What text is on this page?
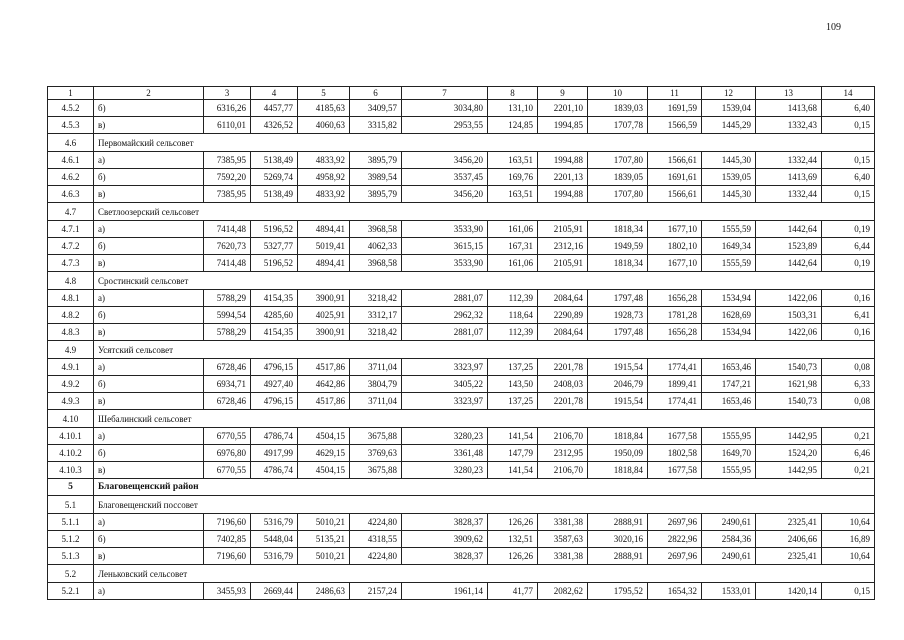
109
1	2	3	4	5	6	7	8	9	10	11	12	13	14
4.5.2	б)	6316,26	4457,77	4185,63	3409,57	3034,80	131,10	2201,10	1839,03	1691,59	1539,04	1413,68	6,40
4.5.3	в)	6110,01	4326,52	4060,63	3315,82	2953,55	124,85	1994,85	1707,78	1566,59	1445,29	1332,43	0,15
4.6	Первомайский сельсовет												
4.6.1	а)	7385,95	5138,49	4833,92	3895,79	3456,20	163,51	1994,88	1707,80	1566,61	1445,30	1332,44	0,15
4.6.2	б)	7592,20	5269,74	4958,92	3989,54	3537,45	169,76	2201,13	1839,05	1691,61	1539,05	1413,69	6,40
4.6.3	в)	7385,95	5138,49	4833,92	3895,79	3456,20	163,51	1994,88	1707,80	1566,61	1445,30	1332,44	0,15
4.7	Светлоозерский сельсовет												
4.7.1	а)	7414,48	5196,52	4894,41	3968,58	3533,90	161,06	2105,91	1818,34	1677,10	1555,59	1442,64	0,19
4.7.2	б)	7620,73	5327,77	5019,41	4062,33	3615,15	167,31	2312,16	1949,59	1802,10	1649,34	1523,89	6,44
4.7.3	в)	7414,48	5196,52	4894,41	3968,58	3533,90	161,06	2105,91	1818,34	1677,10	1555,59	1442,64	0,19
4.8	Сростинский сельсовет												
4.8.1	а)	5788,29	4154,35	3900,91	3218,42	2881,07	112,39	2084,64	1797,48	1656,28	1534,94	1422,06	0,16
4.8.2	б)	5994,54	4285,60	4025,91	3312,17	2962,32	118,64	2290,89	1928,73	1781,28	1628,69	1503,31	6,41
4.8.3	в)	5788,29	4154,35	3900,91	3218,42	2881,07	112,39	2084,64	1797,48	1656,28	1534,94	1422,06	0,16
4.9	Усятский сельсовет												
4.9.1	а)	6728,46	4796,15	4517,86	3711,04	3323,97	137,25	2201,78	1915,54	1774,41	1653,46	1540,73	0,08
4.9.2	б)	6934,71	4927,40	4642,86	3804,79	3405,22	143,50	2408,03	2046,79	1899,41	1747,21	1621,98	6,33
4.9.3	в)	6728,46	4796,15	4517,86	3711,04	3323,97	137,25	2201,78	1915,54	1774,41	1653,46	1540,73	0,08
4.10	Шебалинский сельсовет												
4.10.1	а)	6770,55	4786,74	4504,15	3675,88	3280,23	141,54	2106,70	1818,84	1677,58	1555,95	1442,95	0,21
4.10.2	б)	6976,80	4917,99	4629,15	3769,63	3361,48	147,79	2312,95	1950,09	1802,58	1649,70	1524,20	6,46
4.10.3	в)	6770,55	4786,74	4504,15	3675,88	3280,23	141,54	2106,70	1818,84	1677,58	1555,95	1442,95	0,21
5	Благовещенский район												
5.1	Благовещенский поссовет												
5.1.1	а)	7196,60	5316,79	5010,21	4224,80	3828,37	126,26	3381,38	2888,91	2697,96	2490,61	2325,41	10,64
5.1.2	б)	7402,85	5448,04	5135,21	4318,55	3909,62	132,51	3587,63	3020,16	2822,96	2584,36	2406,66	16,89
5.1.3	в)	7196,60	5316,79	5010,21	4224,80	3828,37	126,26	3381,38	2888,91	2697,96	2490,61	2325,41	10,64
5.2	Леньковский сельсовет												
5.2.1	а)	3455,93	2669,44	2486,63	2157,24	1961,14	41,77	2082,62	1795,52	1654,32	1533,01	1420,14	0,15
